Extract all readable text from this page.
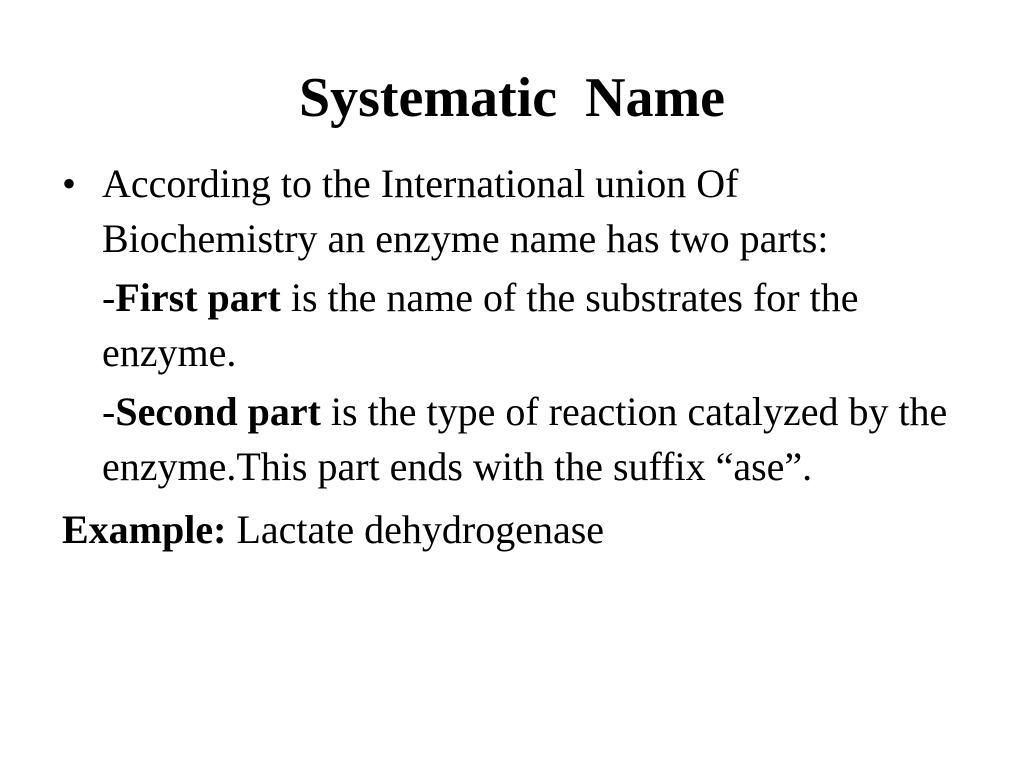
Systematic  Name
• According to the International union Of Biochemistry an enzyme name has two parts:
-First part is the name of the substrates for the enzyme.
-Second part is the type of reaction catalyzed by the enzyme.This part ends with the suffix “ase”.
Example: Lactate dehydrogenase
